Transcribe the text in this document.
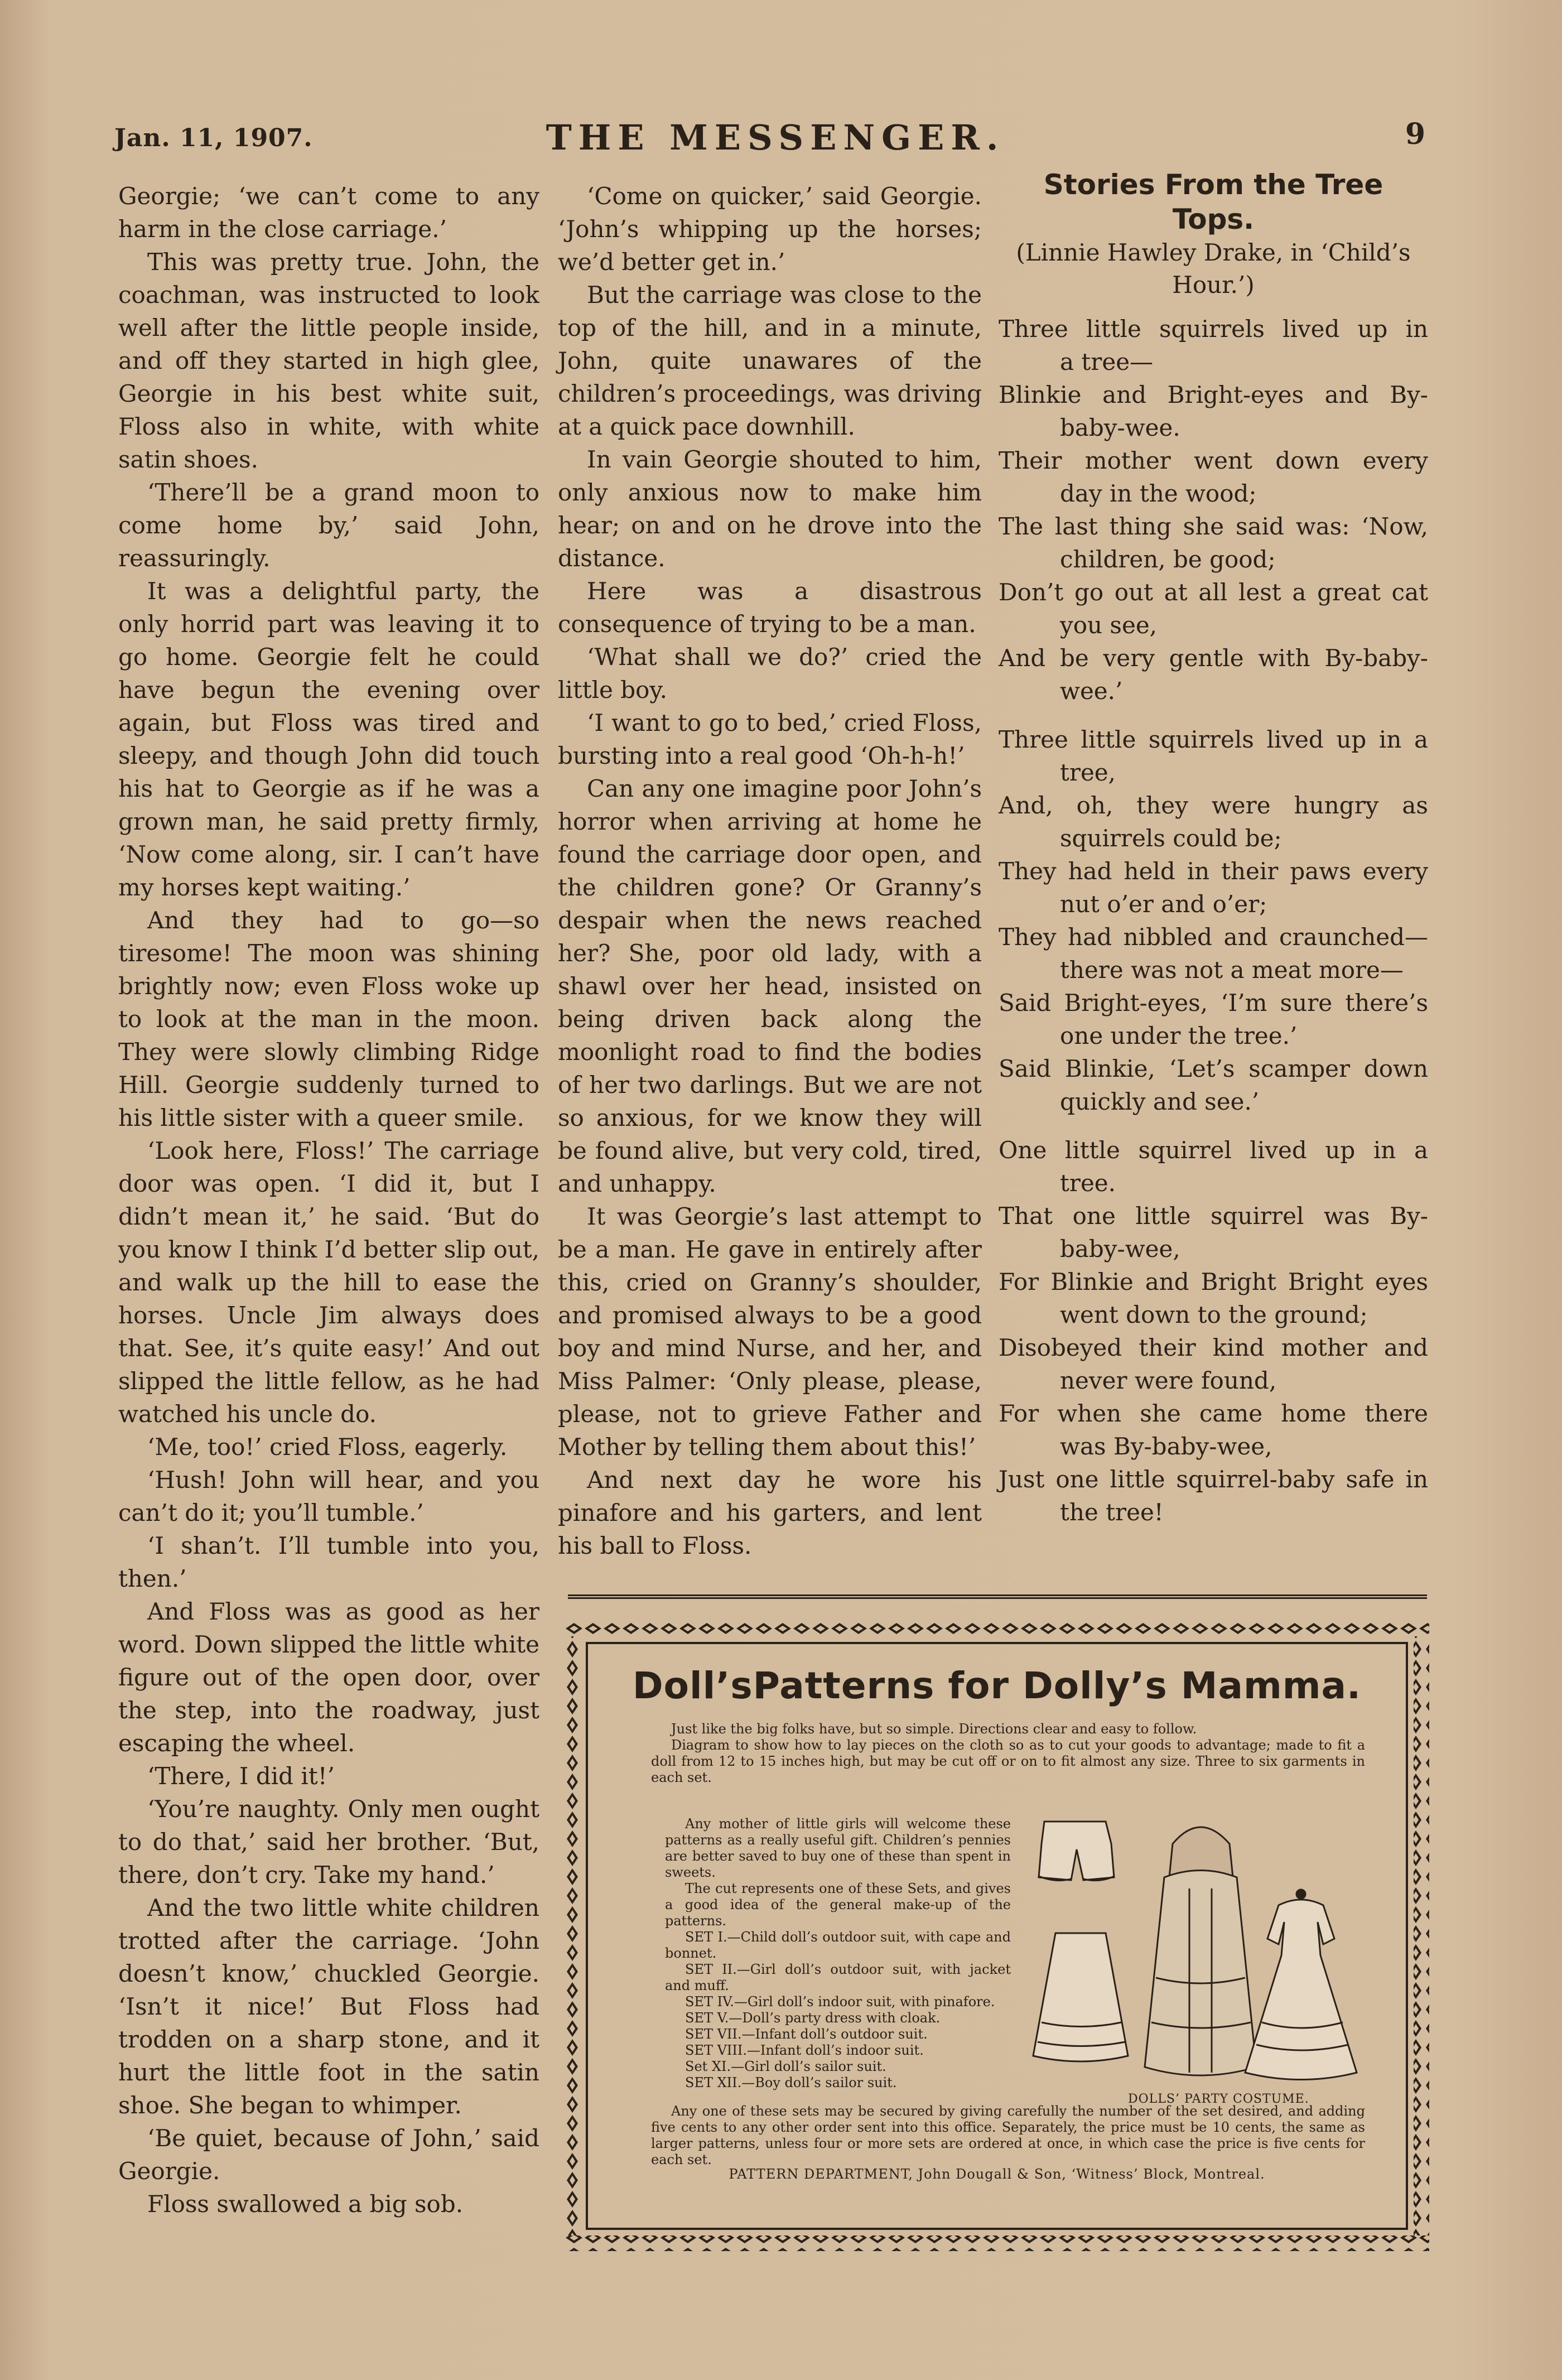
Jan. 11, 1907.	THE MESSENGER.	9

Georgie; ‘we can’t come to any harm in the close carriage.’

This was pretty true. John, the coachman, was instructed to look well after the little people inside, and off they started in high glee, Georgie in his best white suit, Floss also in white, with white satin shoes.

‘There’ll be a grand moon to come home by,’ said John, reassuringly.

It was a delightful party, the only horrid part was leaving it to go home. Georgie felt he could have begun the evening over again, but Floss was tired and sleepy, and though John did touch his hat to Georgie as if he was a grown man, he said pretty firmly, ‘Now come along, sir. I can’t have my horses kept waiting.’

And they had to go—so tiresome! The moon was shining brightly now; even Floss woke up to look at the man in the moon. They were slowly climbing Ridge Hill. Georgie suddenly turned to his little sister with a queer smile.

‘Look here, Floss!’ The carriage door was open. ‘I did it, but I didn’t mean it,’ he said. ‘But do you know I think I’d better slip out, and walk up the hill to ease the horses. Uncle Jim always does that. See, it’s quite easy!’ And out slipped the little fellow, as he had watched his uncle do.

‘Me, too!’ cried Floss, eagerly.

‘Hush! John will hear, and you can’t do it; you’ll tumble.’

‘I shan’t. I’ll tumble into you, then.’

And Floss was as good as her word. Down slipped the little white figure out of the open door, over the step, into the roadway, just escaping the wheel.

‘There, I did it!’

‘You’re naughty. Only men ought to do that,’ said her brother. ‘But, there, don’t cry. Take my hand.’

And the two little white children trotted after the carriage. ‘John doesn’t know,’ chuckled Georgie. ‘Isn’t it nice!’ But Floss had trodden on a sharp stone, and it hurt the little foot in the satin shoe. She began to whimper.

‘Be quiet, because of John,’ said Georgie.

Floss swallowed a big sob.

‘Come on quicker,’ said Georgie. ‘John’s whipping up the horses; we’d better get in.’

But the carriage was close to the top of the hill, and in a minute, John, quite unawares of the children’s proceedings, was driving at a quick pace downhill.

In vain Georgie shouted to him, only anxious now to make him hear; on and on he drove into the distance.

Here was a disastrous consequence of trying to be a man.

‘What shall we do?’ cried the little boy.

‘I want to go to bed,’ cried Floss, bursting into a real good ‘Oh-h-h!’

Can any one imagine poor John’s horror when arriving at home he found the carriage door open, and the children gone? Or Granny’s despair when the news reached her? She, poor old lady, with a shawl over her head, insisted on being driven back along the moonlight road to find the bodies of her two darlings. But we are not so anxious, for we know they will be found alive, but very cold, tired, and unhappy.

It was Georgie’s last attempt to be a man. He gave in entirely after this, cried on Granny’s shoulder, and promised always to be a good boy and mind Nurse, and her, and Miss Palmer: ‘Only please, please, please, not to grieve Father and Mother by telling them about this!’

And next day he wore his pinafore and his garters, and lent his ball to Floss.

Stories From the Tree Tops.
(Linnie Hawley Drake, in ‘Child’s Hour.’)
Three little squirrels lived up in
a tree—
Blinkie and Bright-eyes and By-
baby-wee.
Their mother went down every
day in the wood;
The last thing she said was: ‘Now,
children, be good;
Don’t go out at all lest a great cat
you see,
And be very gentle with By-baby-
wee.’
Three little squirrels lived up in a
tree,
And, oh, they were hungry as
squirrels could be;
They had held in their paws every
nut o’er and o’er;
They had nibbled and craunched—
there was not a meat more—
Said Bright-eyes, ‘I’m sure there’s
one under the tree.’
Said Blinkie, ‘Let’s scamper down
quickly and see.’
One little squirrel lived up in a
tree.
That one little squirrel was By-
baby-wee,
For Blinkie and Bright Bright eyes
went down to the ground;
Disobeyed their kind mother and
never were found,
For when she came home there
was By-baby-wee,
Just one little squirrel-baby safe in
the tree!
Doll’sPatterns for Dolly’s Mamma.

Just like the big folks have, but so simple. Directions clear and easy to follow.

Diagram to show how to lay pieces on the cloth so as to cut your goods to advantage; made to fit a doll from 12 to 15 inches high, but may be cut off or on to fit almost any size. Three to six garments in each set.

Any mother of little girls will welcome these patterns as a really useful gift. Children’s pennies are better saved to buy one of these than spent in sweets.

The cut represents one of these Sets, and gives a good idea of the general make-up of the patterns.

SET I.—Child doll’s outdoor suit, with cape and bonnet.

SET II.—Girl doll’s outdoor suit, with jacket and muff.

SET IV.—Girl doll’s indoor suit, with pinafore.

SET V.—Doll’s party dress with cloak.

SET VII.—Infant doll’s outdoor suit.

SET VIII.—Infant doll’s indoor suit.

Set XI.—Girl doll’s sailor suit.

SET XII.—Boy doll’s sailor suit.

DOLLS’ PARTY COSTUME.

Any one of these sets may be secured by giving carefully the number of the set desired, and adding five cents to any other order sent into this office. Separately, the price must be 10 cents, the same as larger patterns, unless four or more sets are ordered at once, in which case the price is five cents for each set.

PATTERN DEPARTMENT, John Dougall & Son, ‘Witness’ Block, Montreal.
